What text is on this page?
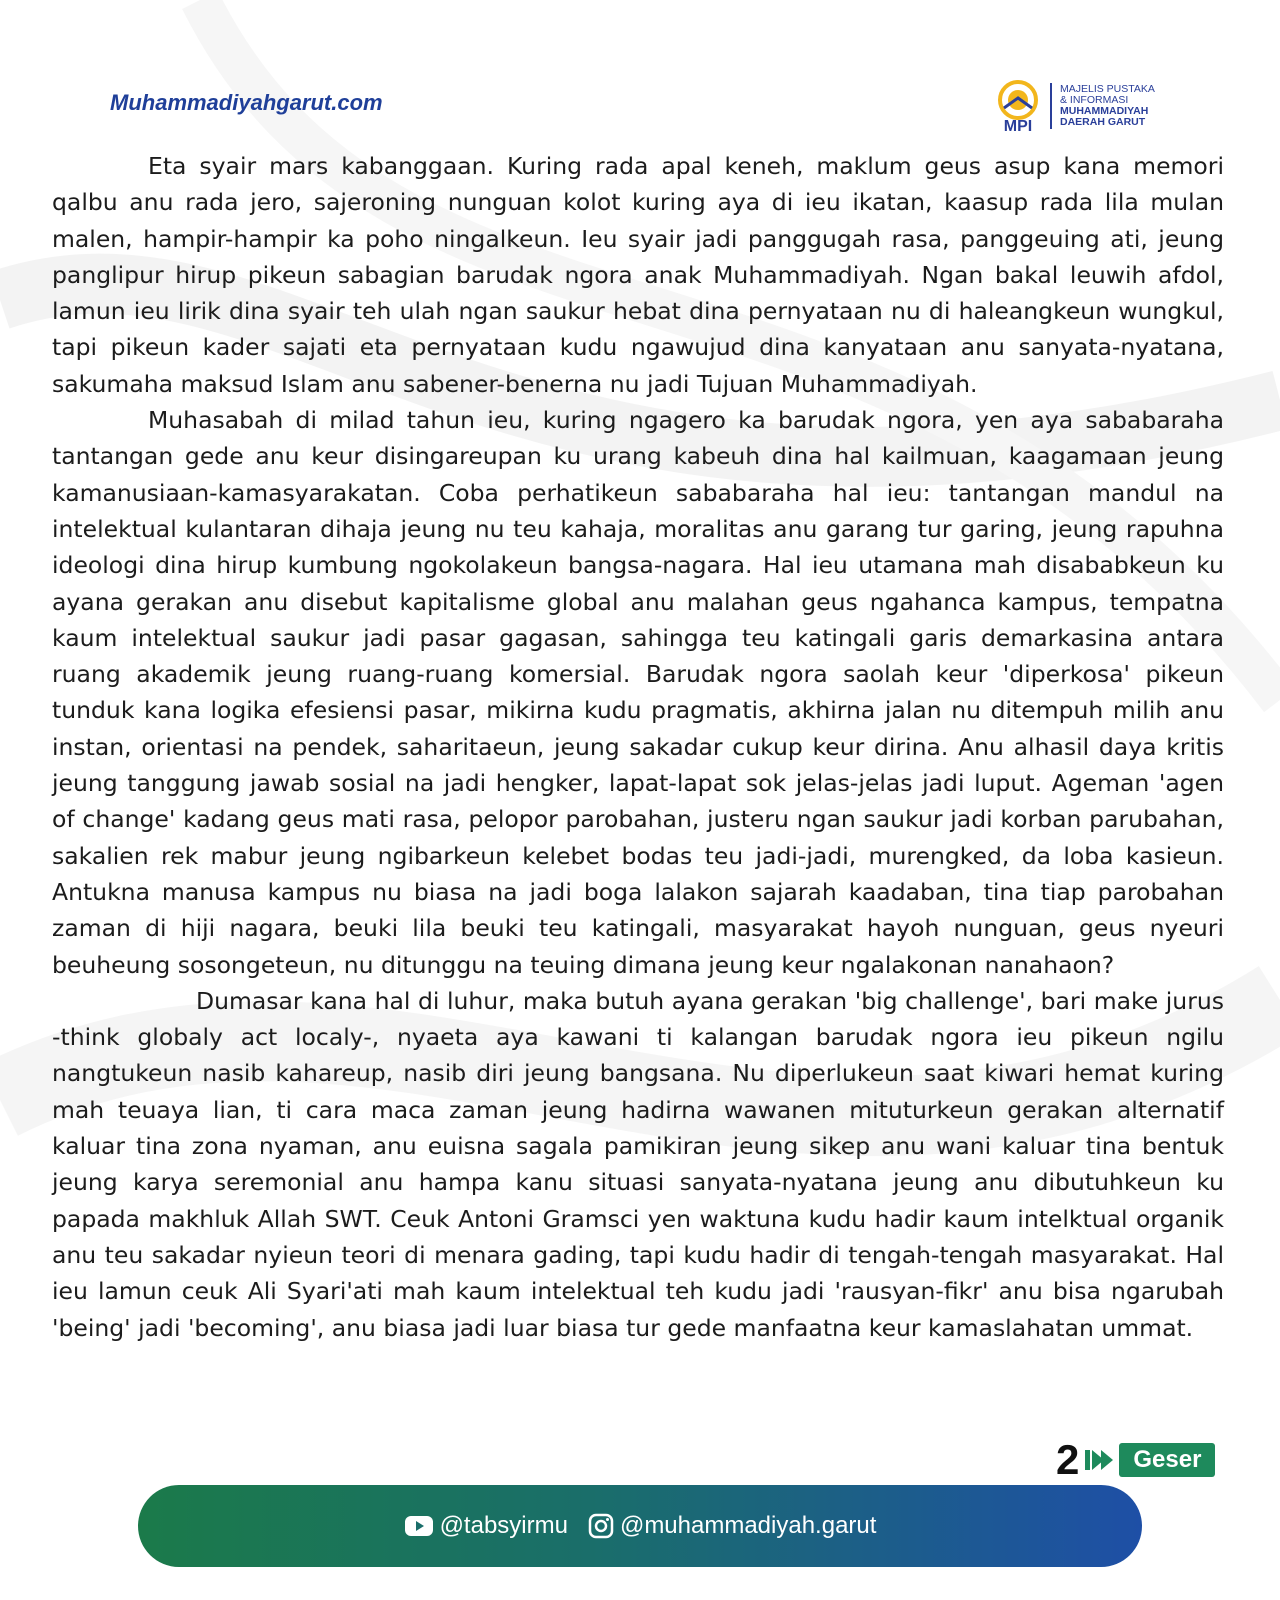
Muhammadiyahgarut.com
MPI
MAJELIS PUSTAKA
& INFORMASI
MUHAMMADIYAH
DAERAH GARUT

Eta syair mars kabanggaan. Kuring rada apal keneh, maklum geus asup kana memori qalbu anu rada jero, sajeroning nunguan kolot kuring aya di ieu ikatan, kaasup rada lila mulan malen, hampir-hampir ka poho ningalkeun. Ieu syair jadi panggugah rasa, panggeuing ati, jeung panglipur hirup pikeun sabagian barudak ngora anak Muhammadiyah. Ngan bakal leuwih afdol, lamun ieu lirik dina syair teh ulah ngan saukur hebat dina pernyataan nu di haleangkeun wungkul, tapi pikeun kader sajati eta pernyataan kudu ngawujud dina kanyataan anu sanyata-nyatana, sakumaha maksud Islam anu sabener-benerna nu jadi Tujuan Muhammadiyah.

Muhasabah di milad tahun ieu, kuring ngagero ka barudak ngora, yen aya sababaraha tantangan gede anu keur disingareupan ku urang kabeuh dina hal kailmuan, kaagamaan jeung kamanusiaan-kamasyarakatan. Coba perhatikeun sababaraha hal ieu: tantangan mandul na intelektual kulantaran dihaja jeung nu teu kahaja, moralitas anu garang tur garing, jeung rapuhna ideologi dina hirup kumbung ngokolakeun bangsa-nagara. Hal ieu utamana mah disababkeun ku ayana gerakan anu disebut kapitalisme global anu malahan geus ngahanca kampus, tempatna kaum intelektual saukur jadi pasar gagasan, sahingga teu katingali garis demarkasina antara ruang akademik jeung ruang-ruang komersial. Barudak ngora saolah keur 'diperkosa' pikeun tunduk kana logika efesiensi pasar, mikirna kudu pragmatis, akhirna jalan nu ditempuh milih anu instan, orientasi na pendek, saharitaeun, jeung sakadar cukup keur dirina. Anu alhasil daya kritis jeung tanggung jawab sosial na jadi hengker, lapat-lapat sok jelas-jelas jadi luput. Ageman 'agen of change' kadang geus mati rasa, pelopor parobahan, justeru ngan saukur jadi korban parubahan, sakalien rek mabur jeung ngibarkeun kelebet bodas teu jadi-jadi, murengked, da loba kasieun. Antukna manusa kampus nu biasa na jadi boga lalakon sajarah kaadaban, tina tiap parobahan zaman di hiji nagara, beuki lila beuki teu katingali, masyarakat hayoh nunguan, geus nyeuri beuheung sosongeteun, nu ditunggu na teuing dimana jeung keur ngalakonan nanahaon?

Dumasar kana hal di luhur, maka butuh ayana gerakan 'big challenge', bari make jurus -think globaly act localy-, nyaeta aya kawani ti kalangan barudak ngora ieu pikeun ngilu nangtukeun nasib kahareup, nasib diri jeung bangsana. Nu diperlukeun saat kiwari hemat kuring mah teuaya lian, ti cara maca zaman jeung hadirna wawanen mituturkeun gerakan alternatif kaluar tina zona nyaman, anu euisna sagala pamikiran jeung sikep anu wani kaluar tina bentuk jeung karya seremonial anu hampa kanu situasi sanyata-nyatana jeung anu dibutuhkeun ku papada makhluk Allah SWT. Ceuk Antoni Gramsci yen waktuna kudu hadir kaum intelktual organik anu teu sakadar nyieun teori di menara gading, tapi kudu hadir di tengah-tengah masyarakat. Hal ieu lamun ceuk Ali Syari'ati mah kaum intelektual teh kudu jadi 'rausyan-fikr' anu bisa ngarubah 'being' jadi 'becoming', anu biasa jadi luar biasa tur gede manfaatna keur kamaslahatan ummat.

2	Geser
@tabsyirmu @muhammadiyah.garut
